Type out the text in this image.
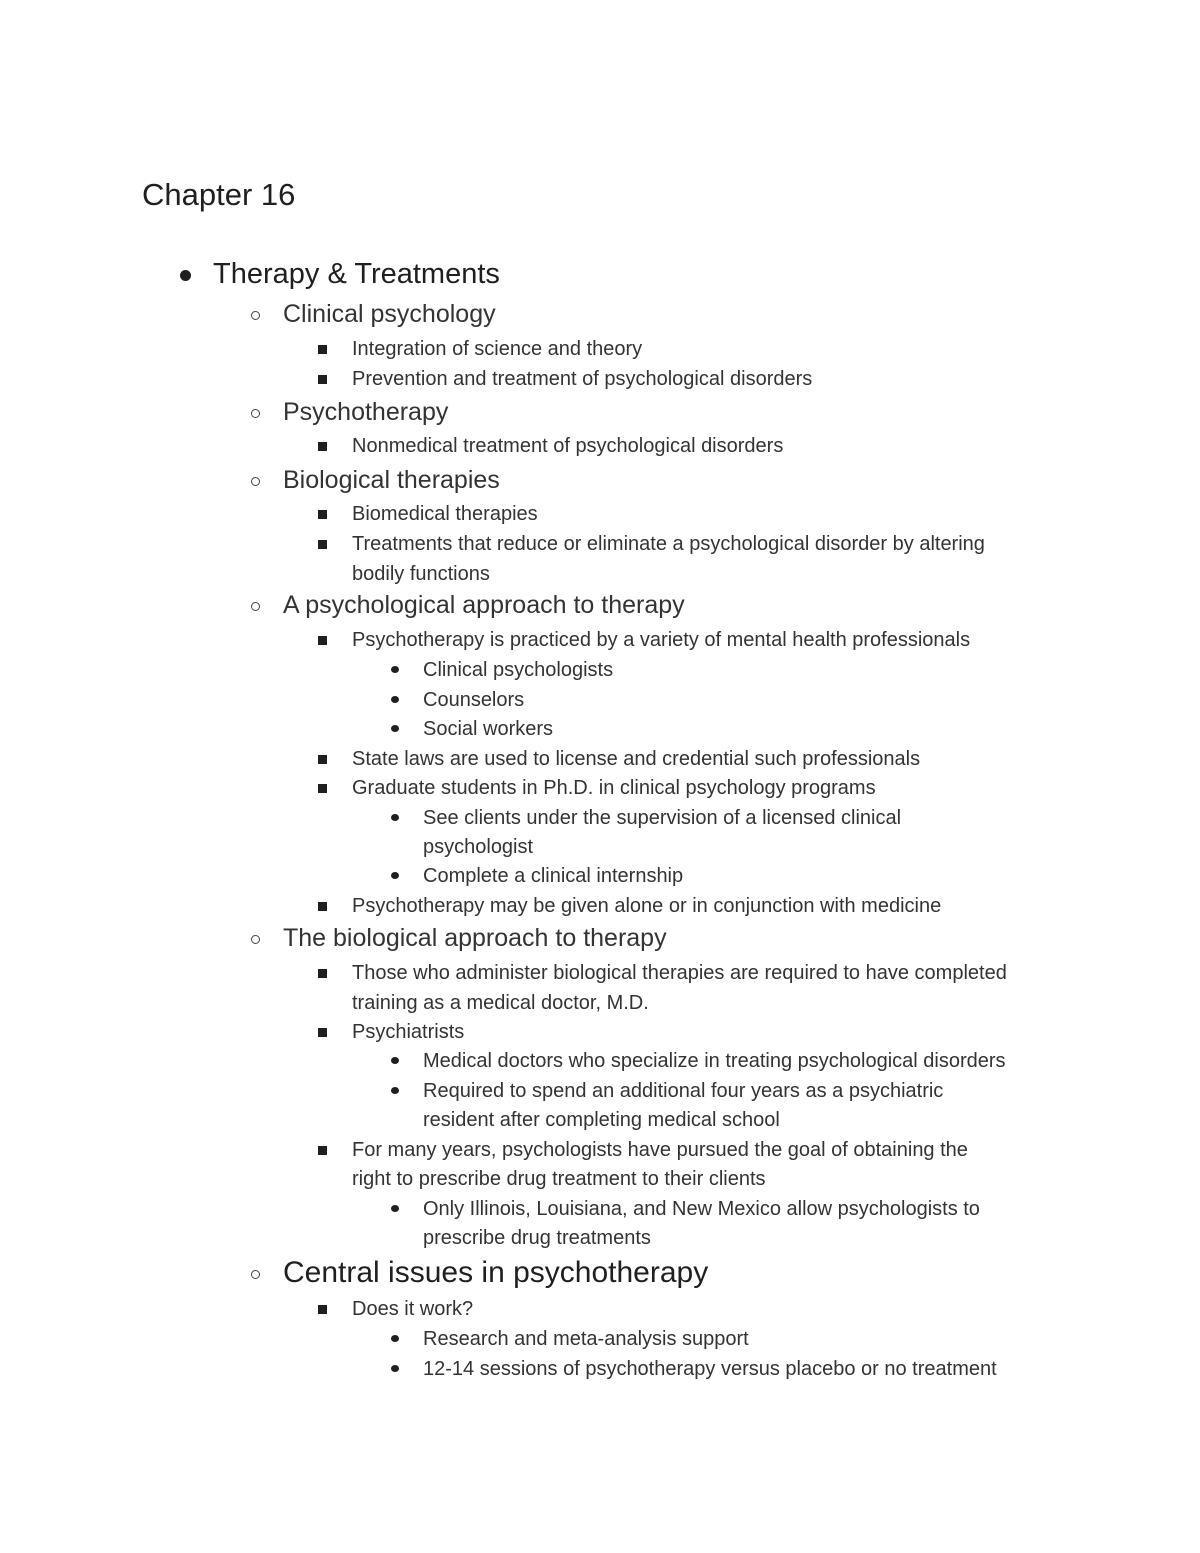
Chapter 16
Therapy & Treatments
Clinical psychology
Integration of science and theory
Prevention and treatment of psychological disorders
Psychotherapy
Nonmedical treatment of psychological disorders
Biological therapies
Biomedical therapies
Treatments that reduce or eliminate a psychological disorder by altering
bodily functions
A psychological approach to therapy
Psychotherapy is practiced by a variety of mental health professionals
Clinical psychologists
Counselors
Social workers
State laws are used to license and credential such professionals
Graduate students in Ph.D. in clinical psychology programs
See clients under the supervision of a licensed clinical
psychologist
Complete a clinical internship
Psychotherapy may be given alone or in conjunction with medicine
The biological approach to therapy
Those who administer biological therapies are required to have completed
training as a medical doctor, M.D.
Psychiatrists
Medical doctors who specialize in treating psychological disorders
Required to spend an additional four years as a psychiatric
resident after completing medical school
For many years, psychologists have pursued the goal of obtaining the
right to prescribe drug treatment to their clients
Only Illinois, Louisiana, and New Mexico allow psychologists to
prescribe drug treatments
Central issues in psychotherapy
Does it work?
Research and meta-analysis support
12-14 sessions of psychotherapy versus placebo or no treatment
